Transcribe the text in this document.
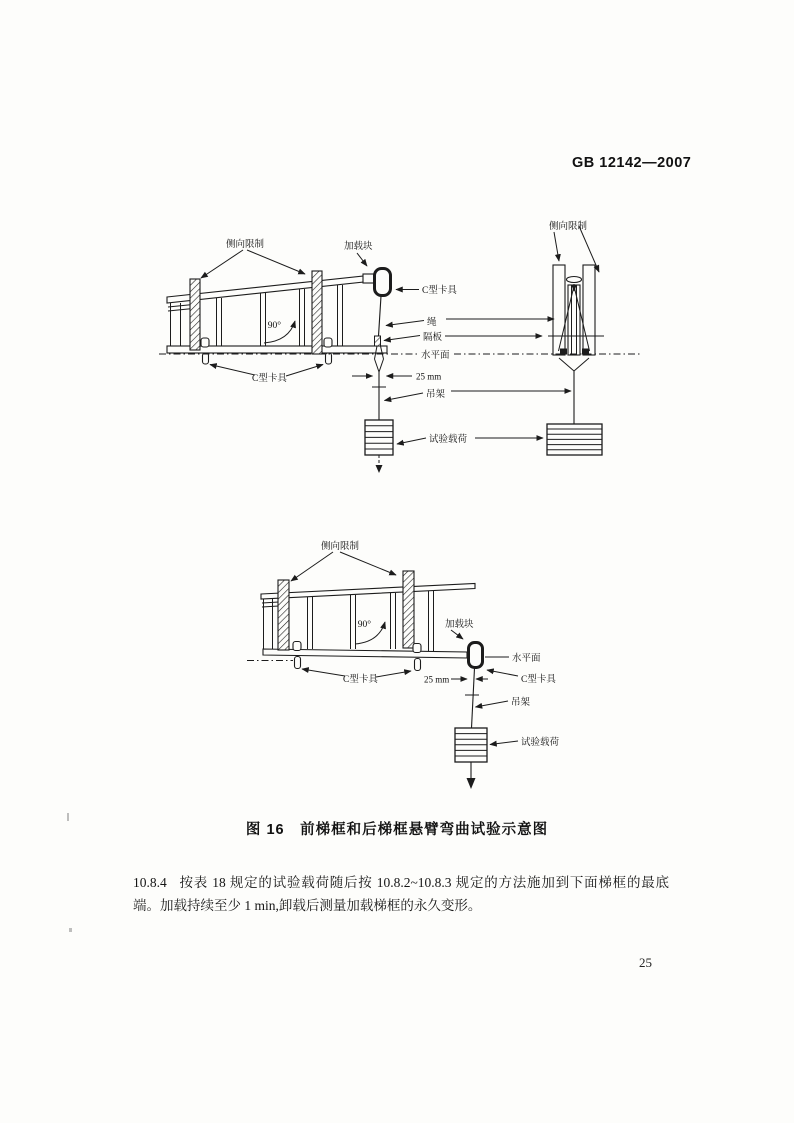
GB 12142—2007
90°
加载块
C型卡具
侧向限制
侧向限制
绳
隔板
水平面
25 mm
吊架
试验载荷
C型卡具
90°	加载块
水平面
侧向限制
C型卡具	25 mm	C型卡具
吊架
试验载荷
图 16　前梯框和后梯框悬臂弯曲试验示意图

10.8.4 按表 18 规定的试验载荷随后按 10.8.2~10.8.3 规定的方法施加到下面梯框的最底端。加载持续至少 1 min,卸载后测量加载梯框的永久变形。

25
